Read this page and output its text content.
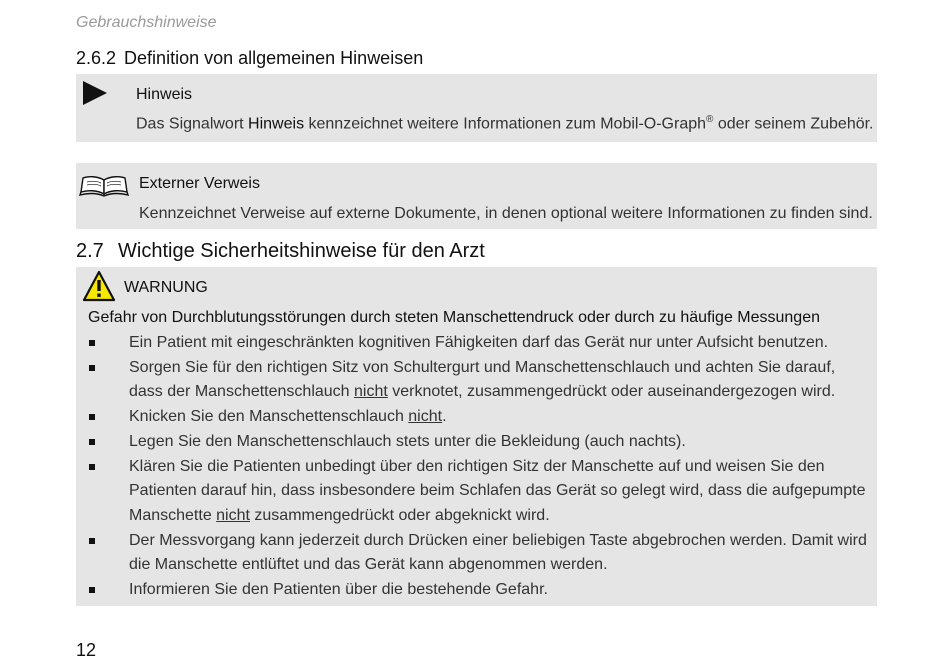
Gebrauchshinweise
2.6.2 Definition von allgemeinen Hinweisen
Hinweis
Das Signalwort Hinweis kennzeichnet weitere Informationen zum Mobil-O-Graph® oder seinem Zubehör.
Externer Verweis
Kennzeichnet Verweise auf externe Dokumente, in denen optional weitere Informationen zu finden sind.
2.7 Wichtige Sicherheitshinweise für den Arzt
WARNUNG
Gefahr von Durchblutungsstörungen durch steten Manschettendruck oder durch zu häufige Messungen
Ein Patient mit eingeschränkten kognitiven Fähigkeiten darf das Gerät nur unter Aufsicht benutzen.
Sorgen Sie für den richtigen Sitz von Schultergurt und Manschettenschlauch und achten Sie darauf,
dass der Manschettenschlauch nicht verknotet, zusammengedrückt oder auseinandergezogen wird.
Knicken Sie den Manschettenschlauch nicht.
Legen Sie den Manschettenschlauch stets unter die Bekleidung (auch nachts).
Klären Sie die Patienten unbedingt über den richtigen Sitz der Manschette auf und weisen Sie den
Patienten darauf hin, dass insbesondere beim Schlafen das Gerät so gelegt wird, dass die aufgepumpte
Manschette nicht zusammengedrückt oder abgeknickt wird.
Der Messvorgang kann jederzeit durch Drücken einer beliebigen Taste abgebrochen werden. Damit wird
die Manschette entlüftet und das Gerät kann abgenommen werden.
Informieren Sie den Patienten über die bestehende Gefahr.
12
